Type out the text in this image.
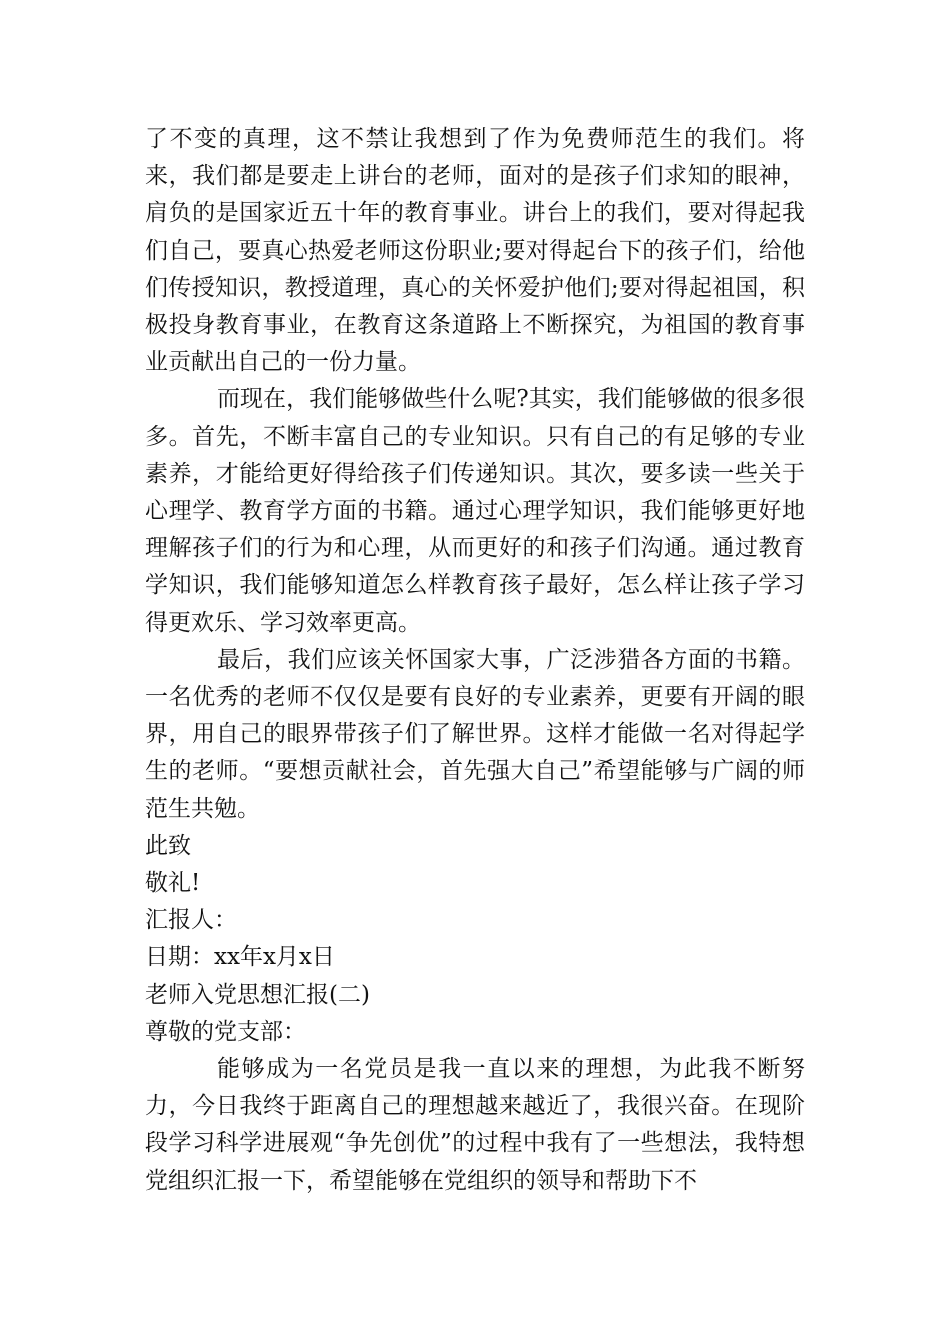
了不变的真理，这不禁让我想到了作为免费师范生的我们。将来，我们都是要走上讲台的老师，面对的是孩子们求知的眼神，肩负的是国家近五十年的教育事业。讲台上的我们，要对得起我们自己，要真心热爱老师这份职业;要对得起台下的孩子们，给他们传授知识，教授道理，真心的关怀爱护他们;要对得起祖国，积极投身教育事业，在教育这条道路上不断探究，为祖国的教育事业贡献出自己的一份力量。

而现在，我们能够做些什么呢?其实，我们能够做的很多很多。首先，不断丰富自己的专业知识。只有自己的有足够的专业素养，才能给更好得给孩子们传递知识。其次，要多读一些关于心理学、教育学方面的书籍。通过心理学知识，我们能够更好地理解孩子们的行为和心理，从而更好的和孩子们沟通。通过教育学知识，我们能够知道怎么样教育孩子最好，怎么样让孩子学习得更欢乐、学习效率更高。

最后，我们应该关怀国家大事，广泛涉猎各方面的书籍。一名优秀的老师不仅仅是要有良好的专业素养，更要有开阔的眼界，用自己的眼界带孩子们了解世界。这样才能做一名对得起学生的老师。“要想贡献社会，首先强大自己”希望能够与广阔的师范生共勉。

此致

敬礼!

汇报人：

日期：xx年x月x日

老师入党思想汇报(二)

尊敬的党支部：

能够成为一名党员是我一直以来的理想，为此我不断努力，今日我终于距离自己的理想越来越近了，我很兴奋。在现阶段学习科学进展观“争先创优”的过程中我有了一些想法，我特想党组织汇报一下，希望能够在党组织的领导和帮助下不
